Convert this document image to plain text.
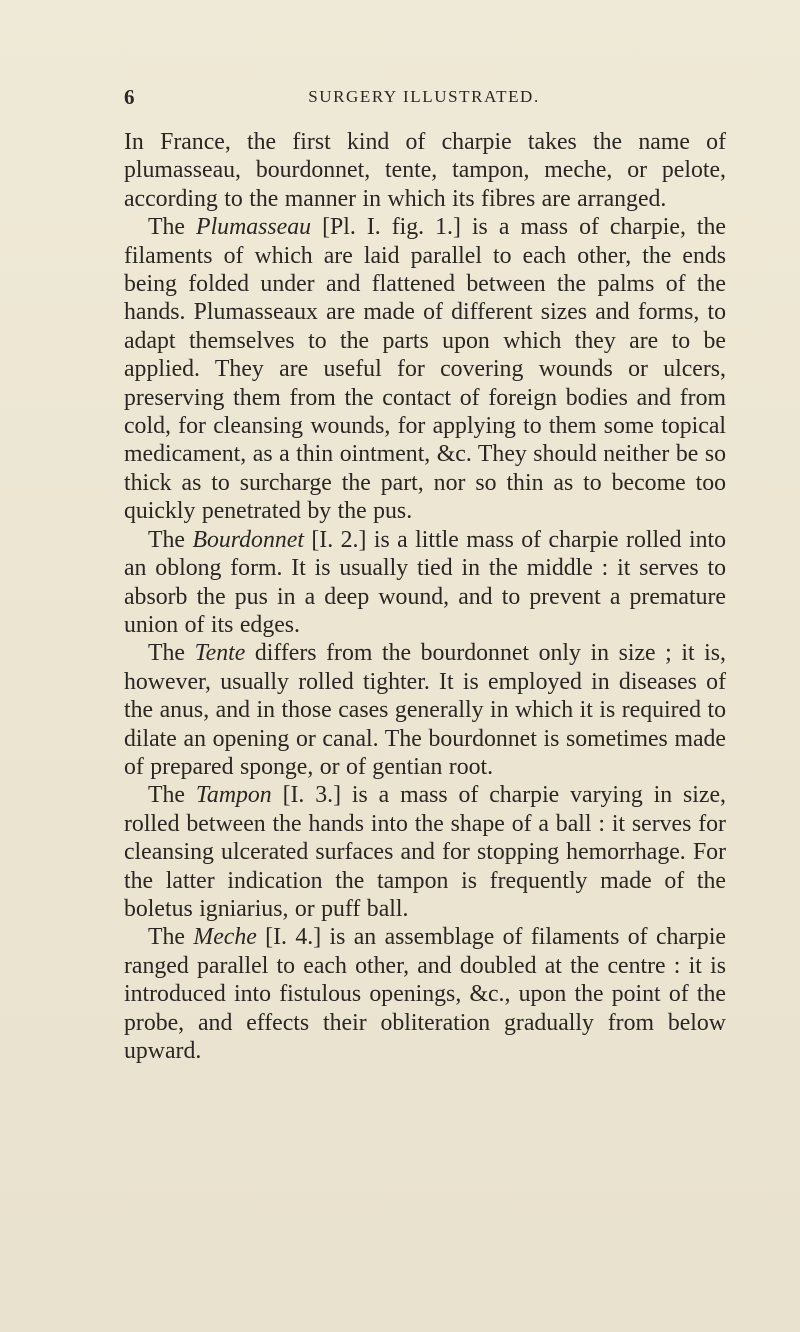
6	SURGERY ILLUSTRATED.

In France, the first kind of charpie takes the name of plumasseau, bourdonnet, tente, tampon, meche, or pelote, according to the manner in which its fibres are arranged.

The Plumasseau [Pl. I. fig. 1.] is a mass of charpie, the filaments of which are laid parallel to each other, the ends being folded under and flattened between the palms of the hands. Plumasseaux are made of different sizes and forms, to adapt themselves to the parts upon which they are to be applied. They are useful for covering wounds or ulcers, preserving them from the contact of foreign bodies and from cold, for cleansing wounds, for applying to them some topical medicament, as a thin ointment, &c. They should neither be so thick as to surcharge the part, nor so thin as to become too quickly penetrated by the pus.

The Bourdonnet [I. 2.] is a little mass of charpie rolled into an oblong form. It is usually tied in the middle : it serves to absorb the pus in a deep wound, and to prevent a premature union of its edges.

The Tente differs from the bourdonnet only in size ; it is, however, usually rolled tighter. It is employed in diseases of the anus, and in those cases generally in which it is required to dilate an opening or canal. The bourdonnet is sometimes made of prepared sponge, or of gentian root.

The Tampon [I. 3.] is a mass of charpie varying in size, rolled between the hands into the shape of a ball : it serves for cleansing ulcerated surfaces and for stopping hemorrhage. For the latter indication the tampon is frequently made of the boletus igniarius, or puff ball.

The Meche [I. 4.] is an assemblage of filaments of charpie ranged parallel to each other, and doubled at the centre : it is introduced into fistulous openings, &c., upon the point of the probe, and effects their obliteration gradually from below upward.
